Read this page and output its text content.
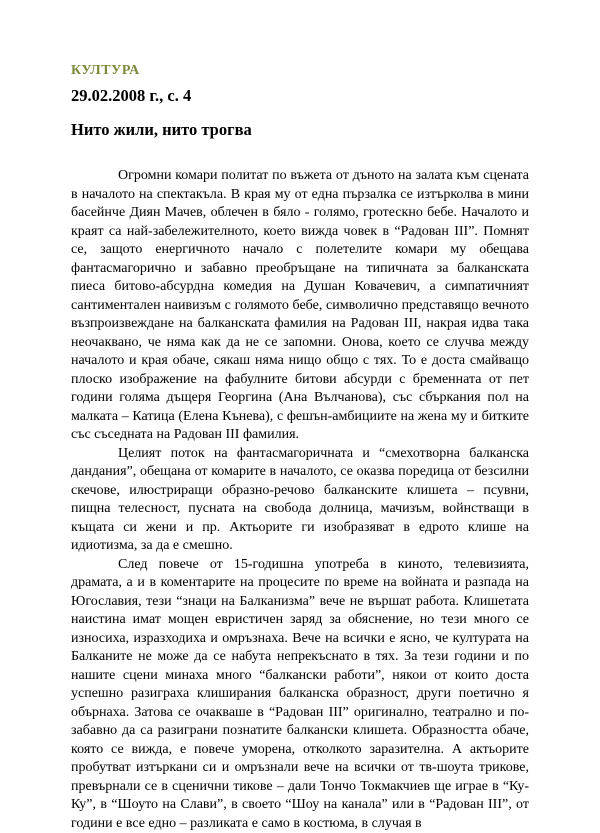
КУЛТУРА
29.02.2008 г., с. 4
Нито жили, нито трогва

Огромни комари политат по въжета от дъното на залата към сцената в началото на спектакъла. В края му от една пързалка се изтърколва в мини басейнче Диян Мачев, облечен в бяло - голямо, гротескно бебе. Началото и краят са най-забележителното, което вижда човек в “Радован III”. Помнят се, защото енергичното начало с полетелите комари му обещава фантасмагорично и забавно преобръщане на типичната за балканската пиеса битово-абсурдна комедия на Душан Ковачевич, а симпатичният сантиментален наивизъм с голямото бебе, символично представящо вечното възпроизвеждане на балканската фамилия на Радован III, накрая идва така неочаквано, че няма как да не се запомни. Онова, което се случва между началото и края обаче, сякаш няма нищо общо с тях. То е доста смайващо плоско изображение на фабулните битови абсурди с бременната от пет години голяма дъщеря Георгина (Ана Вълчанова), със сбъркания пол на малката – Катица (Елена Кънева), с фешън-амбициите на жена му и битките със съседната на Радован III фамилия.

Целият поток на фантасмагоричната и “смехотворна балканска дандания”, обещана от комарите в началото, се оказва поредица от безсилни скечове, илюстриращи образно-речово балканските клишета – псувни, пищна телесност, пусната на свобода долница, мачизъм, войнстващи в къщата си жени и пр. Актьорите ги изобразяват в едрото клише на идиотизма, за да е смешно.

След повече от 15-годишна употреба в киното, телевизията, драмата, а и в коментарите на процесите по време на войната и разпада на Югославия, тези “знаци на Балканизма” вече не вършат работа. Клишетата наистина имат мощен евристичен заряд за обяснение, но тези много се износиха, изразходиха и омръзнаха. Вече на всички е ясно, че културата на Балканите не може да се набута непрекъснато в тях. За тези години и по нашите сцени минаха много “балкански работи”, някои от които доста успешно разиграха клиширания балканска образност, други поетично я обърнаха. Затова се очакваше в “Радован III” оригинално, театрално и по-забавно да са разиграни познатите балкански клишета. Образността обаче, която се вижда, е повече уморена, отколкото заразителна. А актьорите пробутват изтъркани си и омръзнали вече на всички от тв-шоута трикове, превърнали се в сценични тикове – дали Тончо Токмакчиев ще играе в “Ку-Ку”, в “Шоуто на Слави”, в своето “Шоу на канала” или в “Радован III”, от години е все едно – разликата е само в костюма, в случая в
